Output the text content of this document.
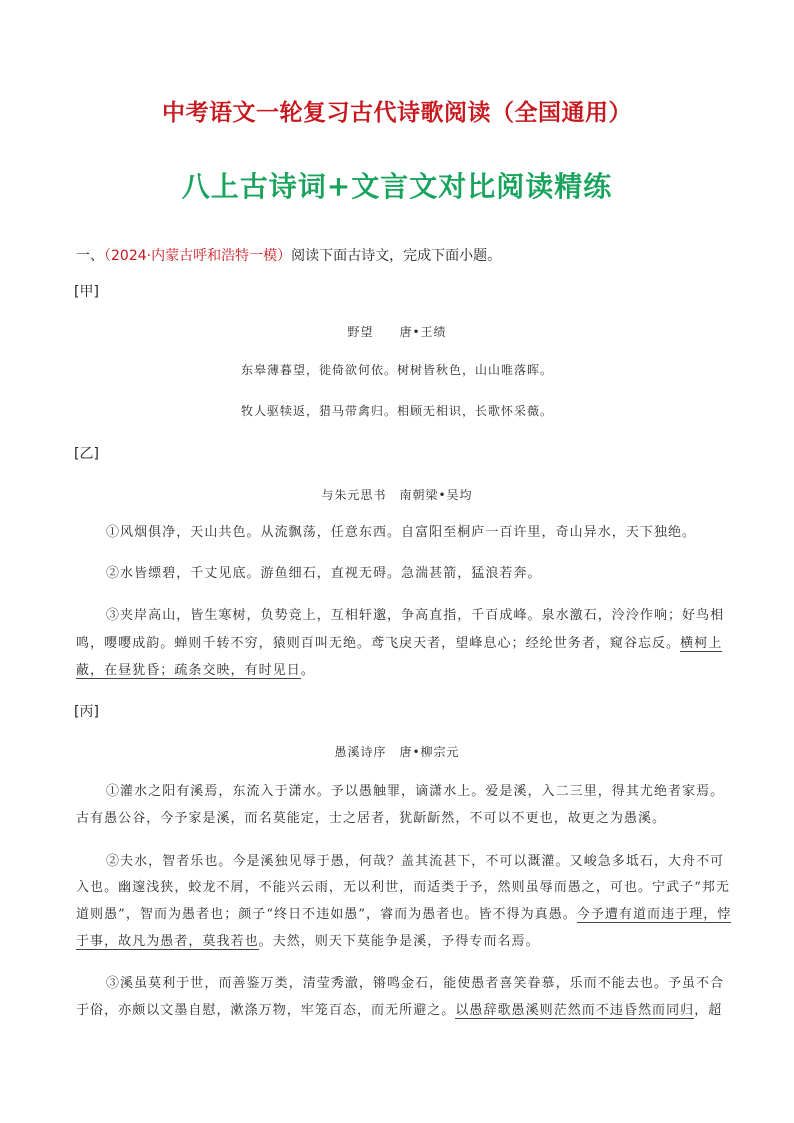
中考语文一轮复习古代诗歌阅读（全国通用）
八上古诗词+文言文对比阅读精练
一、（2024·内蒙古呼和浩特一模）阅读下面古诗文，完成下面小题。
[甲]
野望　　唐•王绩
东皋薄暮望，徙倚欲何依。树树皆秋色，山山唯落晖。
牧人驱犊返，猎马带禽归。相顾无相识，长歌怀采薇。
[乙]
与朱元思书　南朝梁•吴均
①风烟俱净，天山共色。从流飘荡，任意东西。自富阳至桐庐一百许里，奇山异水，天下独绝。
②水皆缥碧，千丈见底。游鱼细石，直视无碍。急湍甚箭，猛浪若奔。
③夹岸高山，皆生寒树，负势竞上，互相轩邈，争高直指，千百成峰。泉水激石，泠泠作响；好鸟相
鸣，嘤嘤成韵。蝉则千转不穷，猿则百叫无绝。鸢飞戾天者，望峰息心；经纶世务者，窥谷忘反。横柯上
蔽，在昼犹昏；疏条交映，有时见日。
[丙]
愚溪诗序　唐•柳宗元
①灌水之阳有溪焉，东流入于潇水。予以愚触罪，谪潇水上。爱是溪，入二三里，得其尤绝者家焉。
古有愚公谷，今予家是溪，而名莫能定，士之居者，犹龂龂然，不可以不更也，故更之为愚溪。
②夫水，智者乐也。今是溪独见辱于愚，何哉？盖其流甚下，不可以溉灌。又峻急多坻石，大舟不可
入也。幽邃浅狭，蛟龙不屑，不能兴云雨，无以利世，而适类于予，然则虽辱而愚之，可也。宁武子“邦无
道则愚”，智而为愚者也；颜子“终日不违如愚”，睿而为愚者也。皆不得为真愚。今予遭有道而违于理，悖
于事，故凡为愚者，莫我若也。夫然，则天下莫能争是溪，予得专而名焉。
③溪虽莫利于世，而善鉴万类，清莹秀澈，锵鸣金石，能使愚者喜笑眷慕，乐而不能去也。予虽不合
于俗，亦颇以文墨自慰，漱涤万物，牢笼百态，而无所避之。以愚辞歌愚溪则茫然而不违昏然而同归，超
